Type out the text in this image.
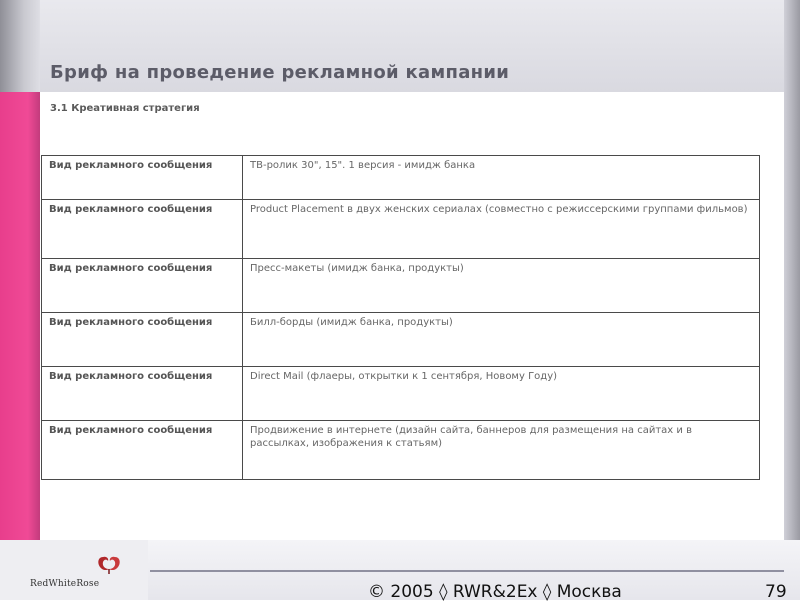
Бриф на проведение рекламной кампании
3.1 Креативная стратегия
Вид рекламного сообщения	ТВ-ролик 30", 15". 1 версия - имидж банка
Вид рекламного сообщения	Product Placement в двух женских сериалах (совместно с режиссерскими группами фильмов)
Вид рекламного сообщения	Пресс-макеты (имидж банка, продукты)
Вид рекламного сообщения	Билл-борды (имидж банка, продукты)
Вид рекламного сообщения	Direct Mail (флаеры, открытки к 1 сентября, Новому Году)
Вид рекламного сообщения	Продвижение в интернете (дизайн сайта, баннеров для размещения на сайтах и в рассылках, изображения к статьям)
RedWhiteRose	© 2005 ◊ RWR&2Ex ◊ Москва	79
